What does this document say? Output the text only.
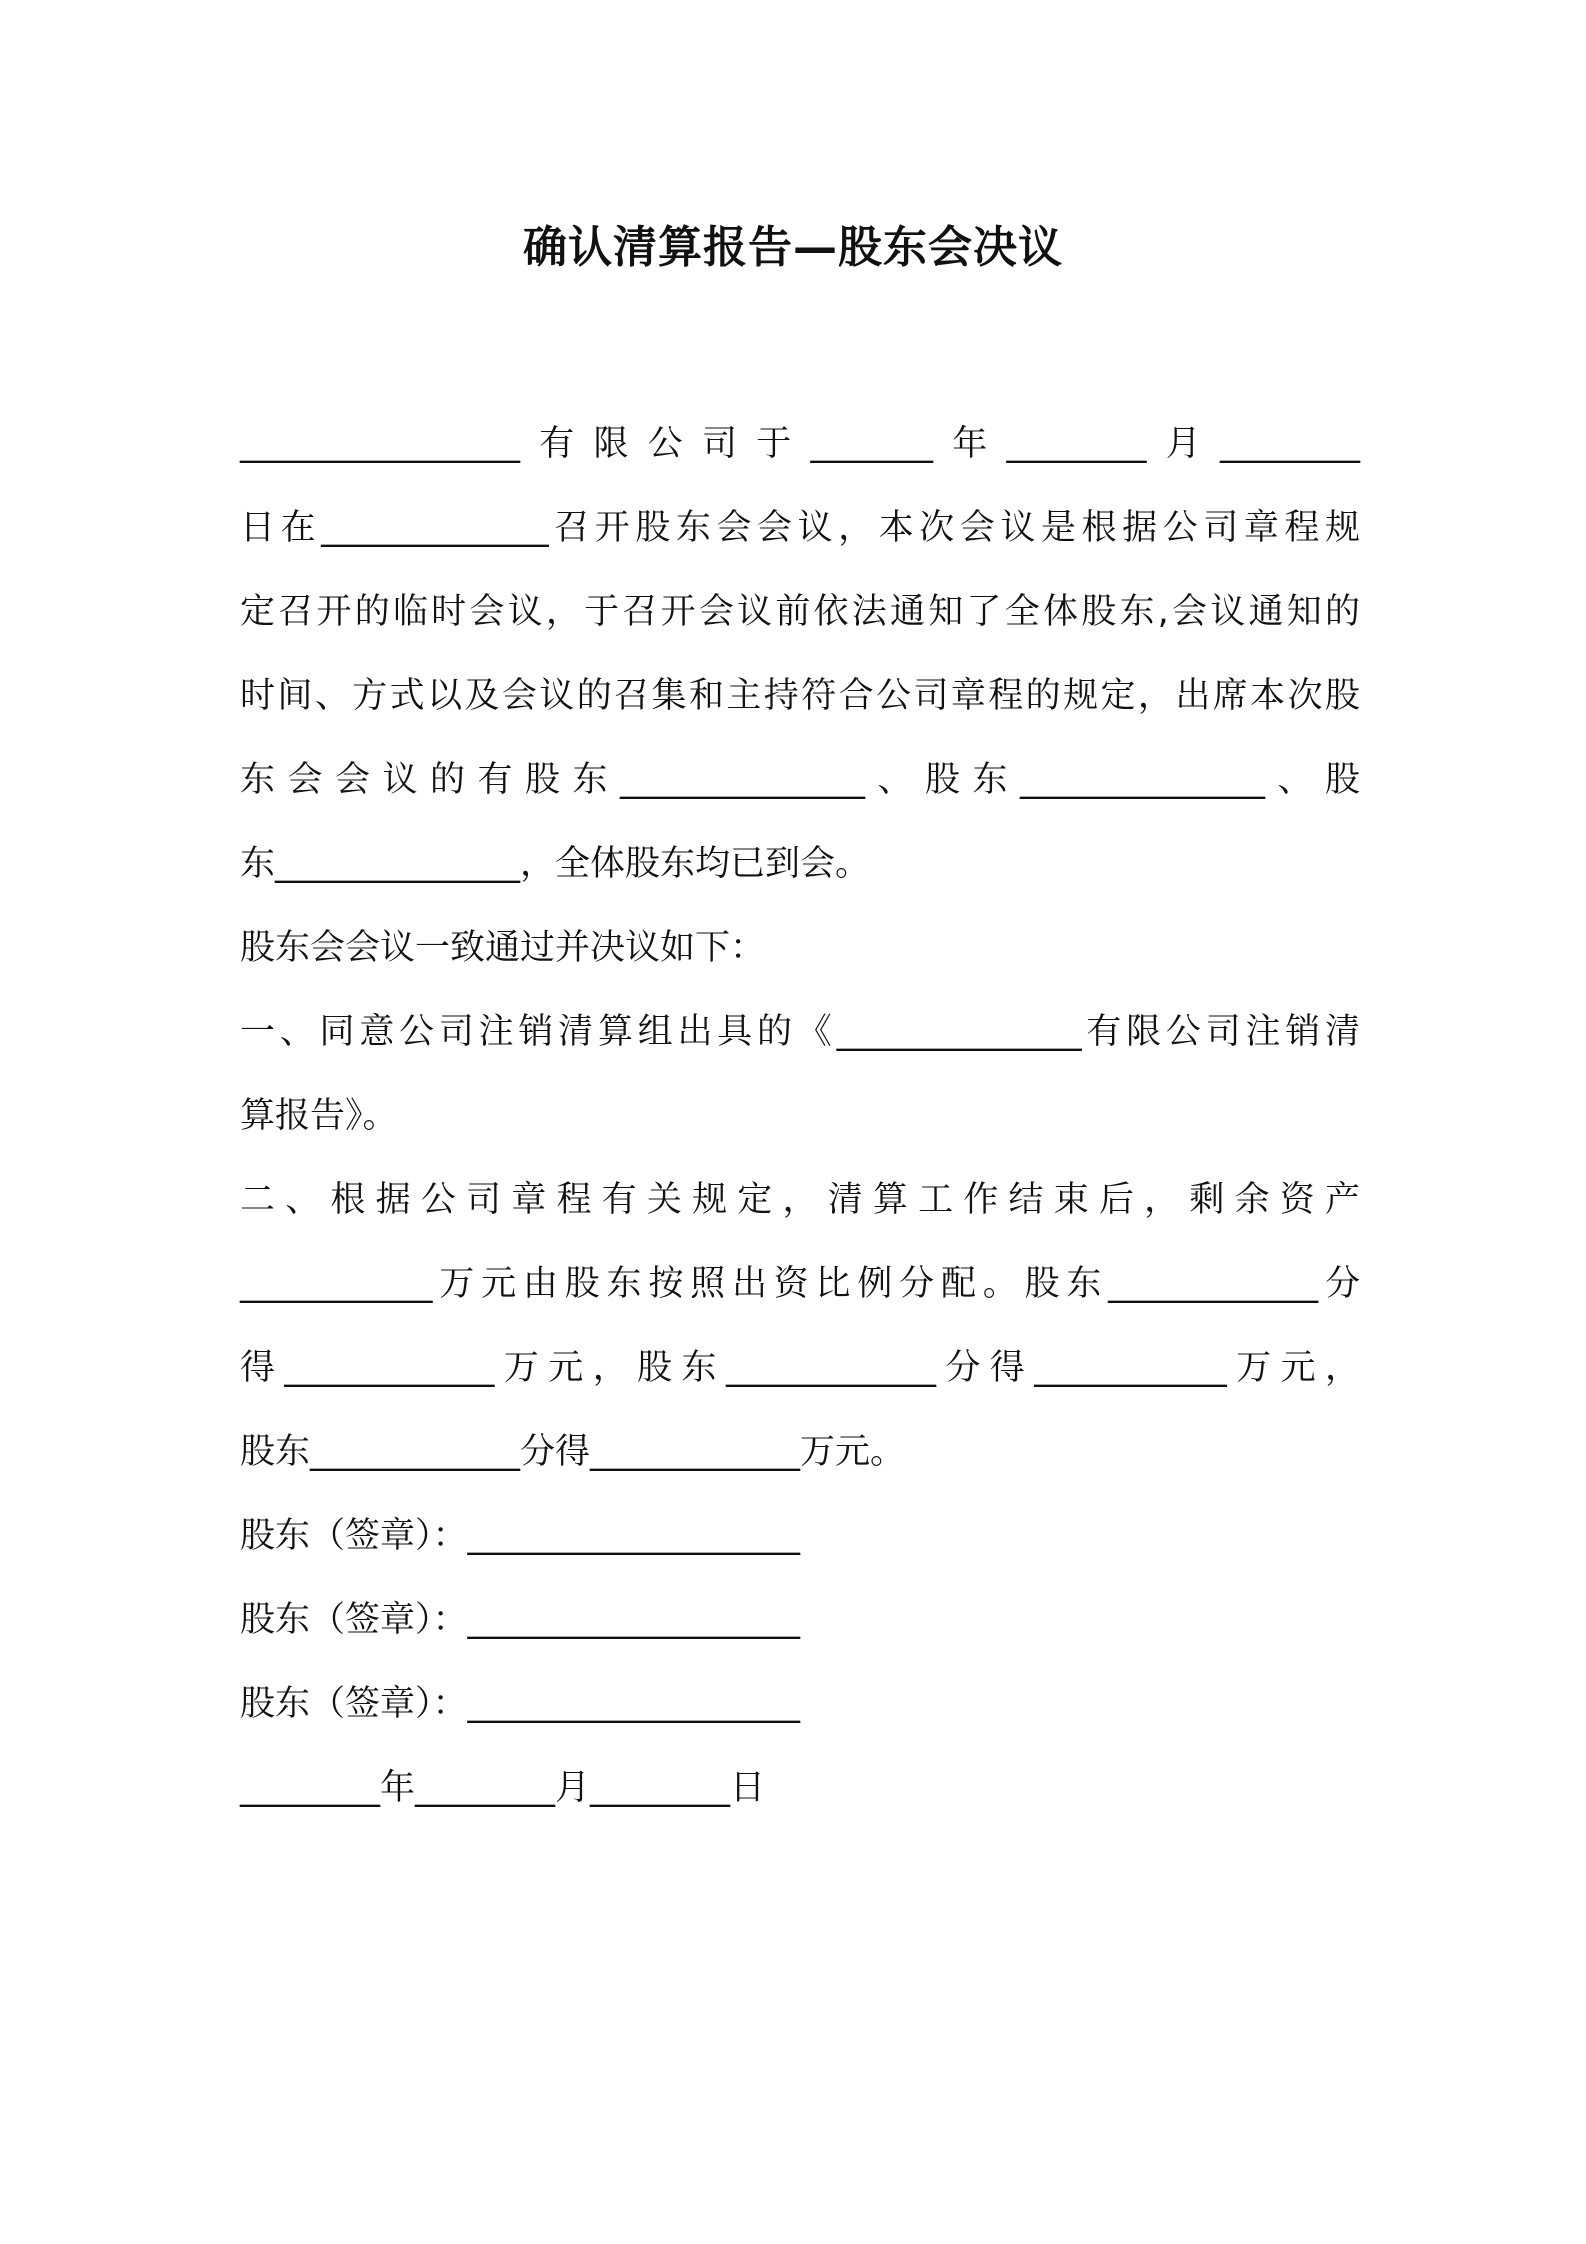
确认清算报告—股东会决议
________________有限公司于_______年________月________
日在_____________召开股东会会议，本次会议是根据公司章程规
定召开的临时会议，于召开会议前依法通知了全体股东,会议通知的
时间、方式以及会议的召集和主持符合公司章程的规定，出席本次股
东会会议的有股东______________、股东______________、股
东______________，全体股东均已到会。
股东会会议一致通过并决议如下：
一、同意公司注销清算组出具的《______________有限公司注销清
算报告》。
二、根据公司章程有关规定，清算工作结束后，剩余资产
___________万元由股东按照出资比例分配。股东____________分
得____________万元，股东____________分得___________万元，
股东____________分得____________万元。
股东（签章）：___________________
股东（签章）：___________________
股东（签章）：___________________
________年________月________日
